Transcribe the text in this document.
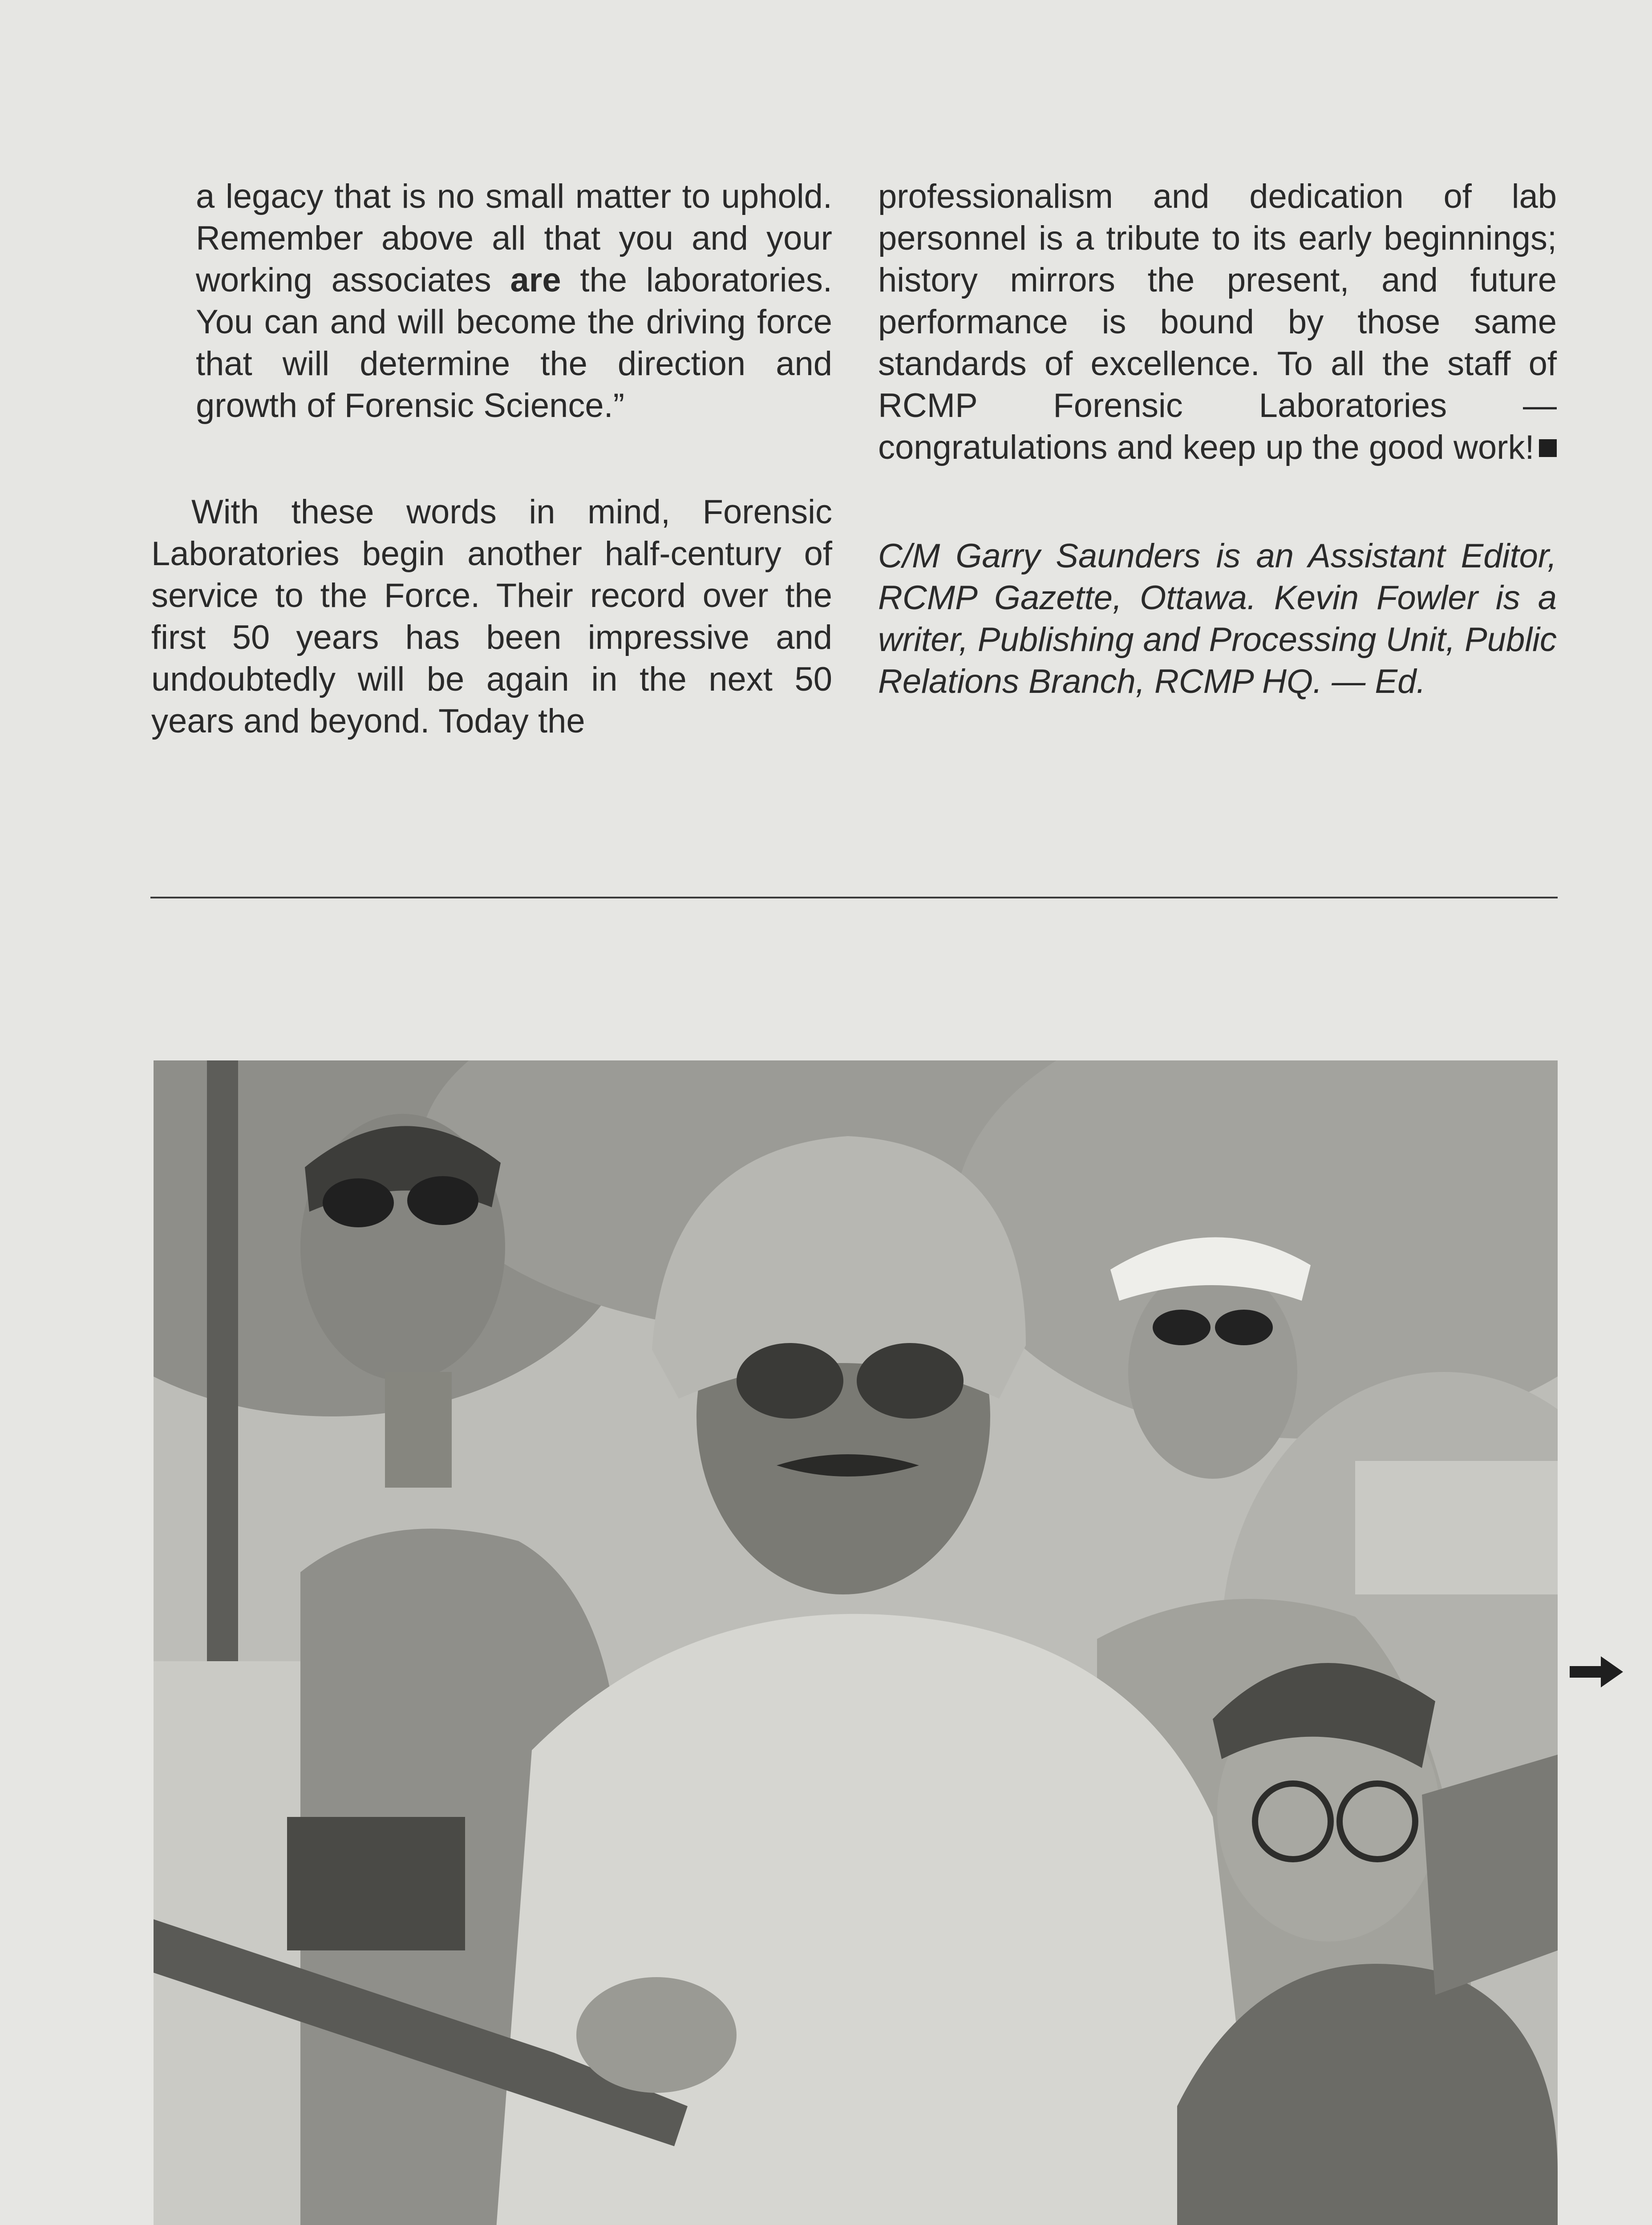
a legacy that is no small matter to uphold. Remember above all that you and your working associates are the laboratories. You can and will become the driving force that will determine the direction and growth of Forensic Science.”

With these words in mind, Forensic Laboratories begin another half-century of service to the Force. Their record over the first 50 years has been impressive and undoubtedly will be again in the next 50 years and beyond. Today the

professionalism and dedication of lab personnel is a tribute to its early beginnings; history mirrors the present, and future performance is bound by those same standards of excellence. To all the staff of RCMP Forensic Laboratories — congratulations and keep up the good work!

C/M Garry Saunders is an Assistant Editor, RCMP Gazette, Ottawa. Kevin Fowler is a writer, Publishing and Processing Unit, Public Relations Branch, RCMP HQ. — Ed.
